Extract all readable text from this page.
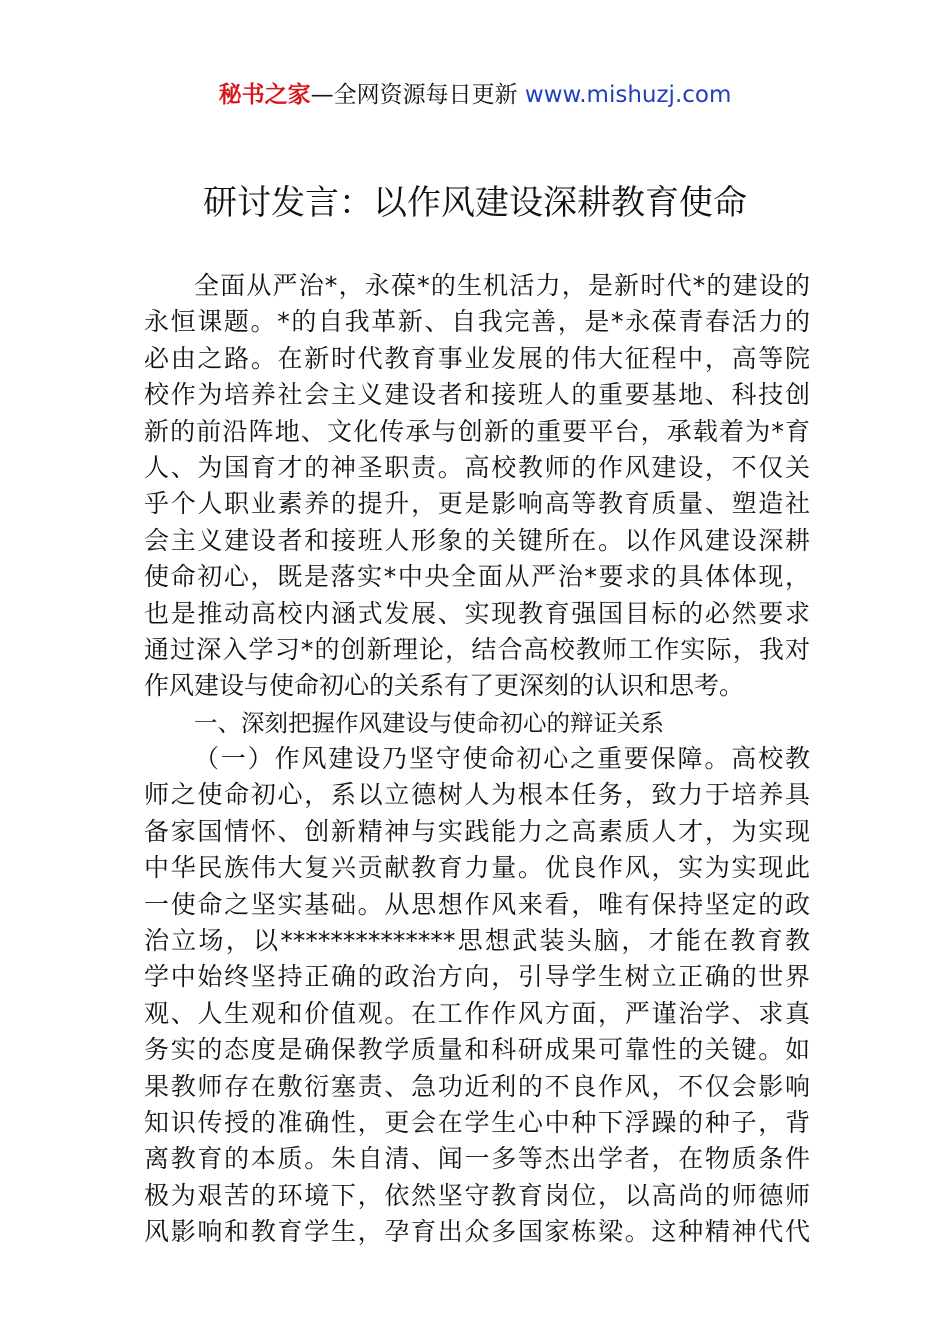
秘书之家—全网资源每日更新 www.mishuzj.com
研讨发言：以作风建设深耕教育使命
全面从严治*，永葆*的生机活力，是新时代*的建设的
永恒课题。*的自我革新、自我完善，是*永葆青春活力的
必由之路。在新时代教育事业发展的伟大征程中，高等院
校作为培养社会主义建设者和接班人的重要基地、科技创
新的前沿阵地、文化传承与创新的重要平台，承载着为*育
人、为国育才的神圣职责。高校教师的作风建设，不仅关
乎个人职业素养的提升，更是影响高等教育质量、塑造社
会主义建设者和接班人形象的关键所在。以作风建设深耕
使命初心，既是落实*中央全面从严治*要求的具体体现，
也是推动高校内涵式发展、实现教育强国目标的必然要求
通过深入学习*的创新理论，结合高校教师工作实际，我对
作风建设与使命初心的关系有了更深刻的认识和思考。
一、深刻把握作风建设与使命初心的辩证关系
（一）作风建设乃坚守使命初心之重要保障。高校教
师之使命初心，系以立德树人为根本任务，致力于培养具
备家国情怀、创新精神与实践能力之高素质人才，为实现
中华民族伟大复兴贡献教育力量。优良作风，实为实现此
一使命之坚实基础。从思想作风来看，唯有保持坚定的政
治立场，以**************思想武装头脑，才能在教育教
学中始终坚持正确的政治方向，引导学生树立正确的世界
观、人生观和价值观。在工作作风方面，严谨治学、求真
务实的态度是确保教学质量和科研成果可靠性的关键。如
果教师存在敷衍塞责、急功近利的不良作风，不仅会影响
知识传授的准确性，更会在学生心中种下浮躁的种子，背
离教育的本质。朱自清、闻一多等杰出学者，在物质条件
极为艰苦的环境下，依然坚守教育岗位，以高尚的师德师
风影响和教育学生，孕育出众多国家栋梁。这种精神代代
